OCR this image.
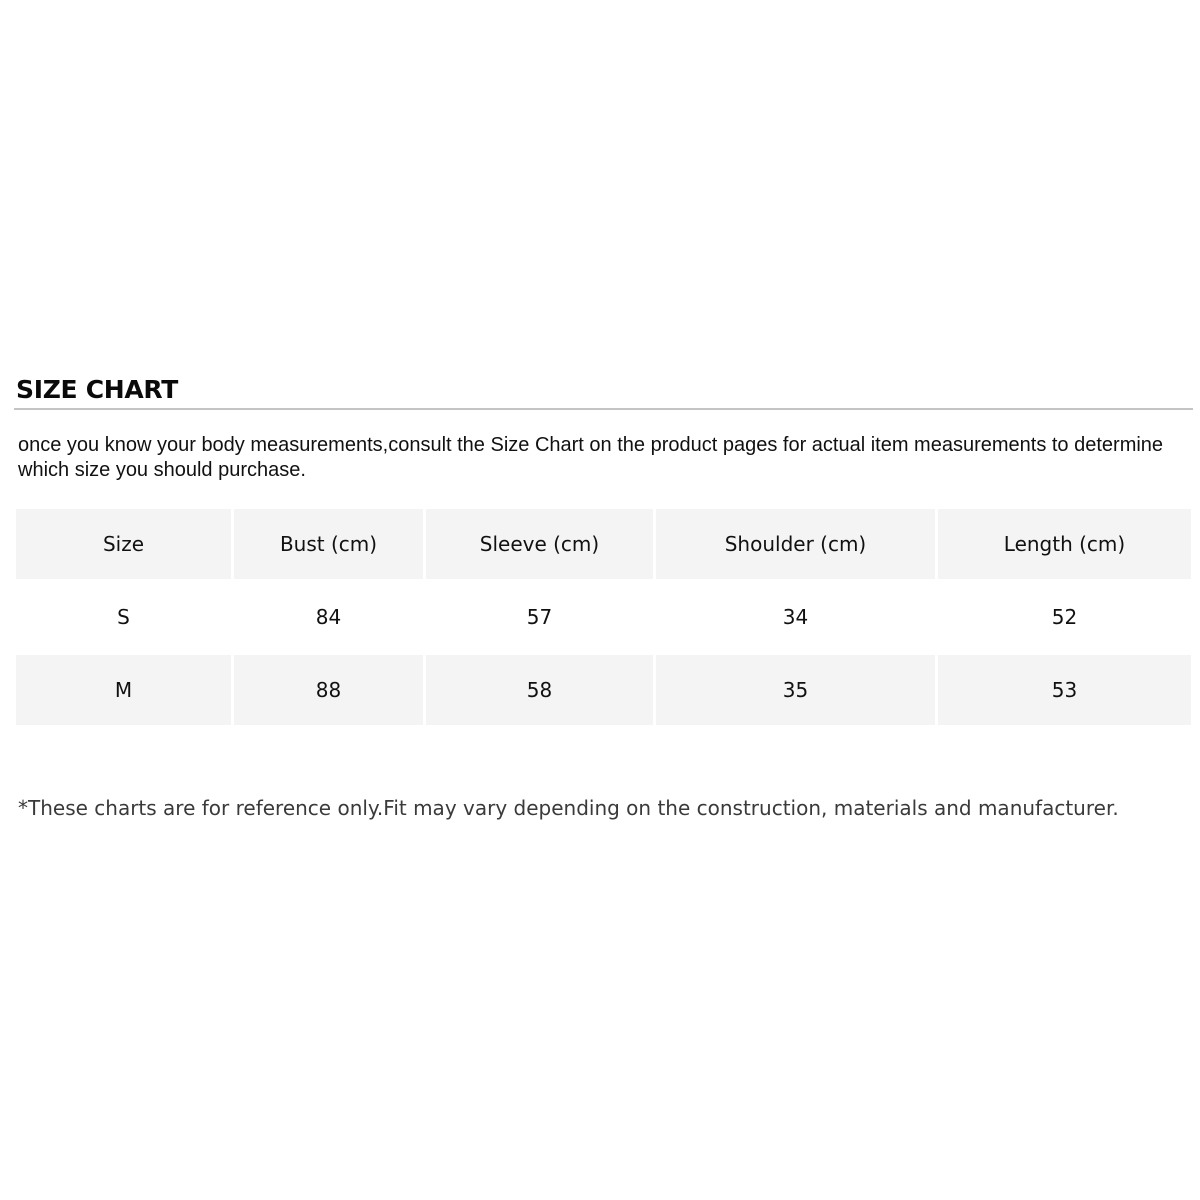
SIZE CHART

once you know your body measurements,consult the Size Chart on the product pages for actual item measurements to determine which size you should purchase.

Size	Bust (cm)	Sleeve (cm)	Shoulder (cm)	Length (cm)
S	84	57	34	52
M	88	58	35	53

*These charts are for reference only.Fit may vary depending on the construction, materials and manufacturer.
